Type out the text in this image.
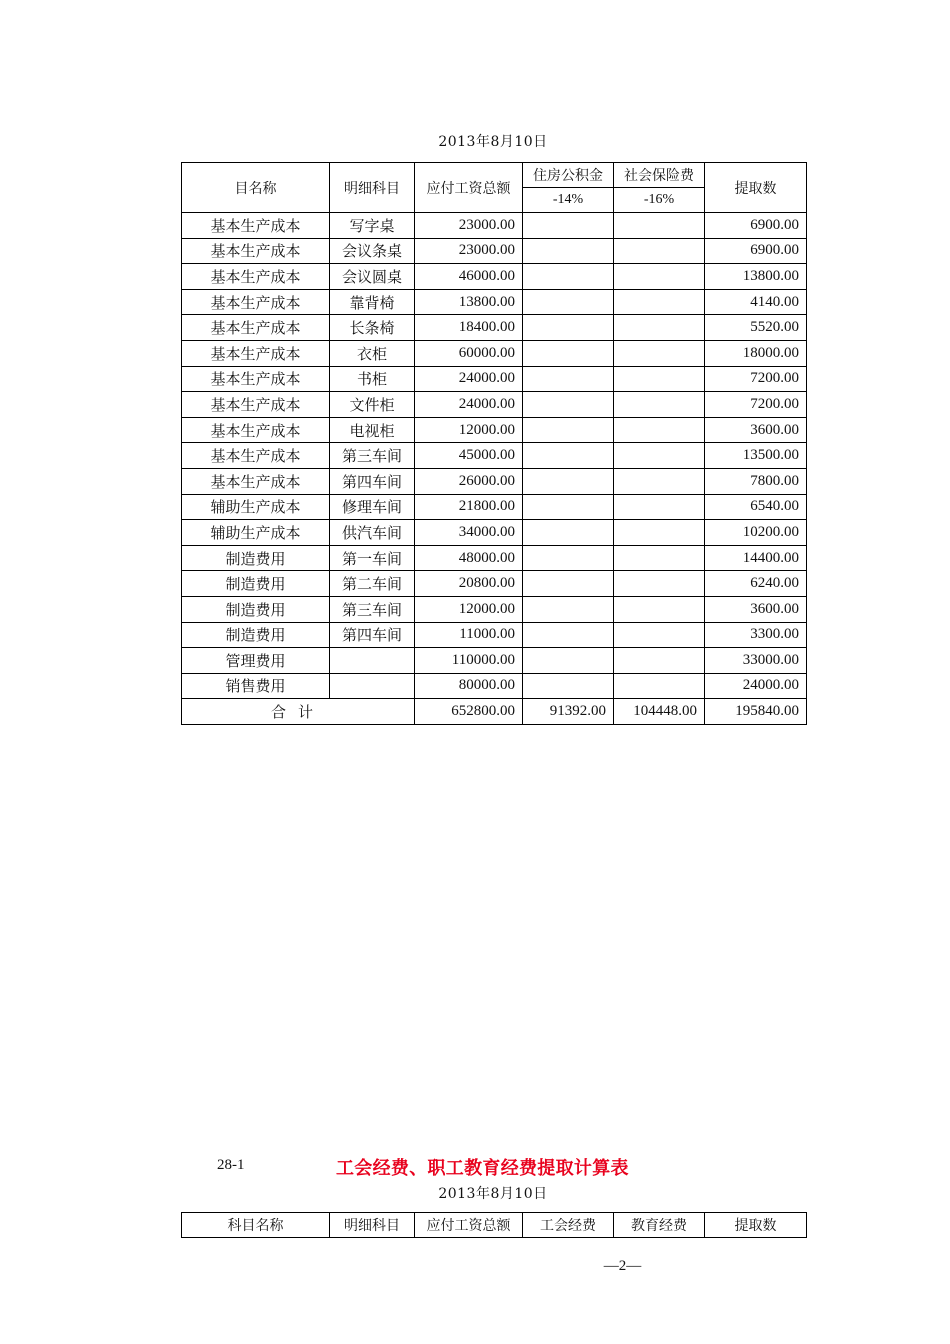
2013年8月10日
目名称	明细科目	应付工资总额	住房公积金	社会保险费	提取数
			-14%	-16%	
基本生产成本	写字桌	23000.00			6900.00
基本生产成本	会议条桌	23000.00			6900.00
基本生产成本	会议圆桌	46000.00			13800.00
基本生产成本	靠背椅	13800.00			4140.00
基本生产成本	长条椅	18400.00			5520.00
基本生产成本	衣柜	60000.00			18000.00
基本生产成本	书柜	24000.00			7200.00
基本生产成本	文件柜	24000.00			7200.00
基本生产成本	电视柜	12000.00			3600.00
基本生产成本	第三车间	45000.00			13500.00
基本生产成本	第四车间	26000.00			7800.00
辅助生产成本	修理车间	21800.00			6540.00
辅助生产成本	供汽车间	34000.00			10200.00
制造费用	第一车间	48000.00			14400.00
制造费用	第二车间	20800.00			6240.00
制造费用	第三车间	12000.00			3600.00
制造费用	第四车间	11000.00			3300.00
管理费用		110000.00			33000.00
销售费用		80000.00			24000.00
合计		652800.00	91392.00	104448.00	195840.00
28-1	工会经费、职工教育经费提取计算表
2013年8月10日
科目名称	明细科目	应付工资总额	工会经费	教育经费	提取数
—2—
